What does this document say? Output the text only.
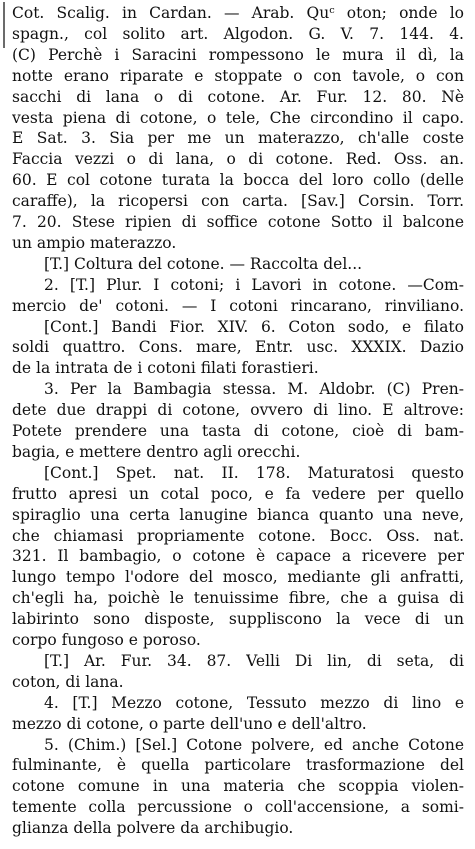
Cot. Scalig. in Cardan. — Arab. Quᶜ oton; onde lo
spagn., col solito art. Algodon. G. V. 7. 144. 4.
(C) Perchè i Saracini rompessono le mura il dì, la
notte erano riparate e stoppate o con tavole, o con
sacchi di lana o di cotone. Ar. Fur. 12. 80. Nè
vesta piena di cotone, o tele, Che circondino il capo.
E Sat. 3. Sia per me un materazzo, ch'alle coste
Faccia vezzi o di lana, o di cotone. Red. Oss. an.
60. E col cotone turata la bocca del loro collo (delle
caraffe), la ricopersi con carta. [Sav.] Corsin. Torr.
7. 20. Stese ripien di soffice cotone Sotto il balcone
un ampio materazzo.
[T.] Coltura del cotone. — Raccolta del...
2. [T.] Plur. I cotoni; i Lavori in cotone. —Com-
mercio de' cotoni. — I cotoni rincarano, rinviliano.
[Cont.] Bandi Fior. XIV. 6. Coton sodo, e filato
soldi quattro. Cons. mare, Entr. usc. XXXIX. Dazio
de la intrata de i cotoni filati forastieri.
3. Per la Bambagia stessa. M. Aldobr. (C) Pren-
dete due drappi di cotone, ovvero di lino. E altrove:
Potete prendere una tasta di cotone, cioè di bam-
bagia, e mettere dentro agli orecchi.
[Cont.] Spet. nat. II. 178. Maturatosi questo
frutto apresi un cotal poco, e fa vedere per quello
spiraglio una certa lanugine bianca quanto una neve,
che chiamasi propriamente cotone. Bocc. Oss. nat.
321. Il bambagio, o cotone è capace a ricevere per
lungo tempo l'odore del mosco, mediante gli anfratti,
ch'egli ha, poichè le tenuissime fibre, che a guisa di
labirinto sono disposte, suppliscono la vece di un
corpo fungoso e poroso.
[T.] Ar. Fur. 34. 87. Velli Di lin, di seta, di
coton, di lana.
4. [T.] Mezzo cotone, Tessuto mezzo di lino e
mezzo di cotone, o parte dell'uno e dell'altro.
5. (Chim.) [Sel.] Cotone polvere, ed anche Cotone
fulminante, è quella particolare trasformazione del
cotone comune in una materia che scoppia violen-
temente colla percussione o coll'accensione, a somi-
glianza della polvere da archibugio.
